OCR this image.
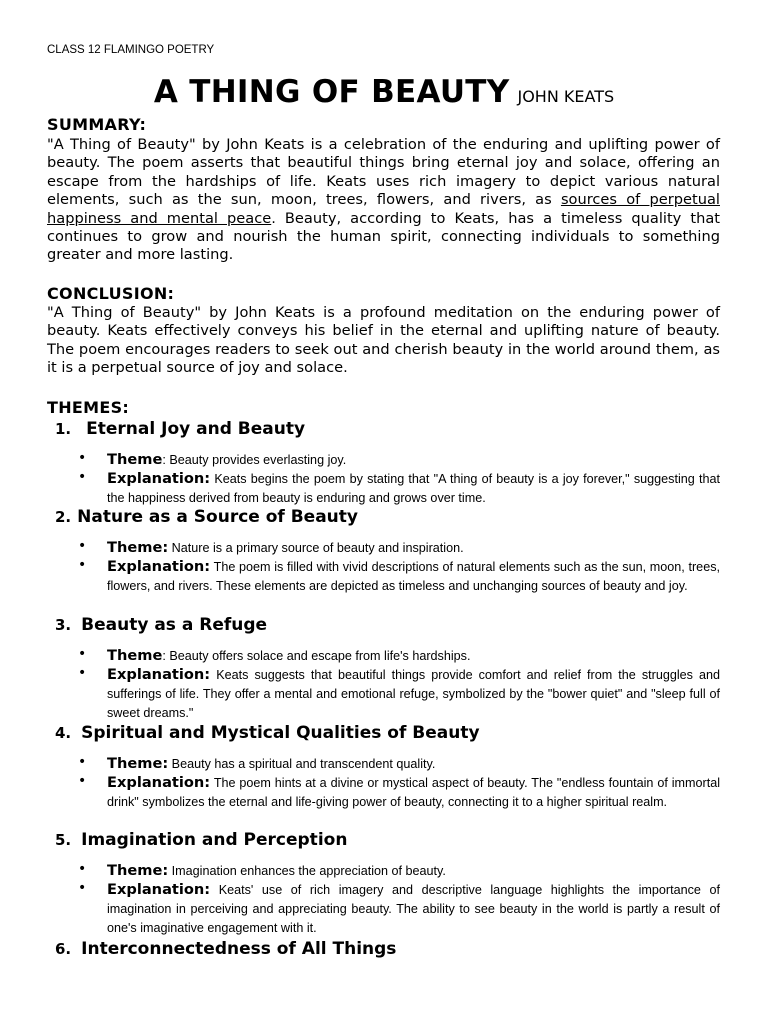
CLASS 12 FLAMINGO POETRY
A THING OF BEAUTY JOHN KEATS
SUMMARY:

"A Thing of Beauty" by John Keats is a celebration of the enduring and uplifting power of beauty. The poem asserts that beautiful things bring eternal joy and solace, offering an escape from the hardships of life. Keats uses rich imagery to depict various natural elements, such as the sun, moon, trees, flowers, and rivers, as sources of perpetual happiness and mental peace. Beauty, according to Keats, has a timeless quality that continues to grow and nourish the human spirit, connecting individuals to something greater and more lasting.

CONCLUSION:

"A Thing of Beauty" by John Keats is a profound meditation on the enduring power of beauty. Keats effectively conveys his belief in the eternal and uplifting nature of beauty. The poem encourages readers to seek out and cherish beauty in the world around them, as it is a perpetual source of joy and solace.

THEMES:
1. Eternal Joy and Beauty
• Theme: Beauty provides everlasting joy.
• Explanation: Keats begins the poem by stating that "A thing of beauty is a joy forever," suggesting that the happiness derived from beauty is enduring and grows over time.
2. Nature as a Source of Beauty
• Theme: Nature is a primary source of beauty and inspiration.
• Explanation: The poem is filled with vivid descriptions of natural elements such as the sun, moon, trees, flowers, and rivers. These elements are depicted as timeless and unchanging sources of beauty and joy.
3. Beauty as a Refuge
• Theme: Beauty offers solace and escape from life's hardships.
• Explanation: Keats suggests that beautiful things provide comfort and relief from the struggles and sufferings of life. They offer a mental and emotional refuge, symbolized by the "bower quiet" and "sleep full of sweet dreams."
4. Spiritual and Mystical Qualities of Beauty
• Theme: Beauty has a spiritual and transcendent quality.
• Explanation: The poem hints at a divine or mystical aspect of beauty. The "endless fountain of immortal drink" symbolizes the eternal and life-giving power of beauty, connecting it to a higher spiritual realm.
5. Imagination and Perception
• Theme: Imagination enhances the appreciation of beauty.
• Explanation: Keats' use of rich imagery and descriptive language highlights the importance of imagination in perceiving and appreciating beauty. The ability to see beauty in the world is partly a result of one's imaginative engagement with it.
6. Interconnectedness of All Things
